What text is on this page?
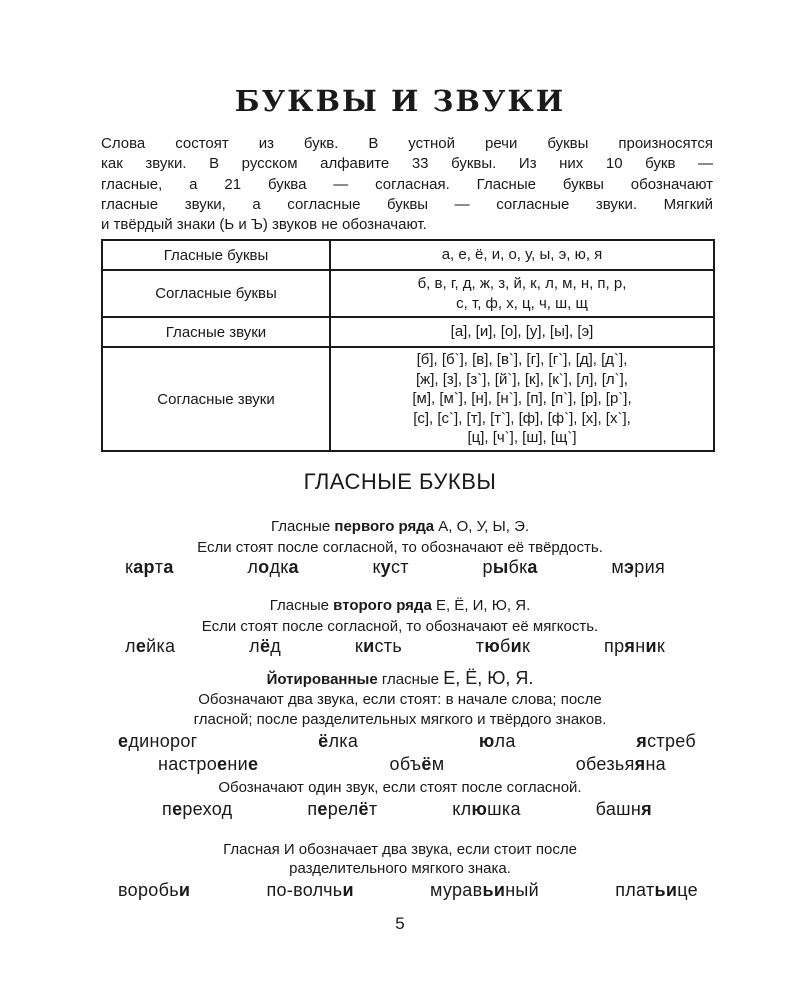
БУКВЫ И ЗВУКИ
Слова состоят из букв. В устной речи буквы произносятся
как звуки. В русском алфавите 33 буквы. Из них 10 букв —
гласные, а 21 буква — согласная. Гласные буквы обозначают
гласные звуки, а согласные буквы — согласные звуки. Мягкий
и твёрдый знаки (Ь и Ъ) звуков не обозначают.
Гласные буквы	а, е, ё, и, о, у, ы, э, ю, я

Согласные буквы	б, в, г, д, ж, з, й, к, л, м, н, п, р,
с, т, ф, х, ц, ч, ш, щ

Гласные звуки	[а], [и], [о], [у], [ы], [э]

Согласные звуки	[б], [б`], [в], [в`], [г], [г`], [д], [д`],
[ж], [з], [з`], [й`], [к], [к`], [л], [л`],
[м], [м`], [н], [н`], [п], [п`], [р], [р`],
[с], [с`], [т], [т`], [ф], [ф`], [х], [х`],
[ц], [ч`], [ш], [щ`]
ГЛАСНЫЕ БУКВЫ
Гласные первого ряда А, О, У, Ы, Э.
Если стоят после согласной, то обозначают её твёрдость.
карта	лодка	куст	рыбка	мэрия
Гласные второго ряда Е, Ё, И, Ю, Я.
Если стоят после согласной, то обозначают её мягкость.
лейка	лёд	кисть	тюбик	пряник
Йотированные гласные Е, Ё, Ю, Я.
Обозначают два звука, если стоят: в начале слова; после
гласной; после разделительных мягкого и твёрдого знаков.
единорог	ёлка	юла	ястреб
настроение	объём	обезьяяна
Обозначают один звук, если стоят после согласной.
переход	перелёт	клюшка	башня
Гласная И обозначает два звука, если стоит после
разделительного мягкого знака.
воробьи	по-волчьи	муравьиный	платьице
5
